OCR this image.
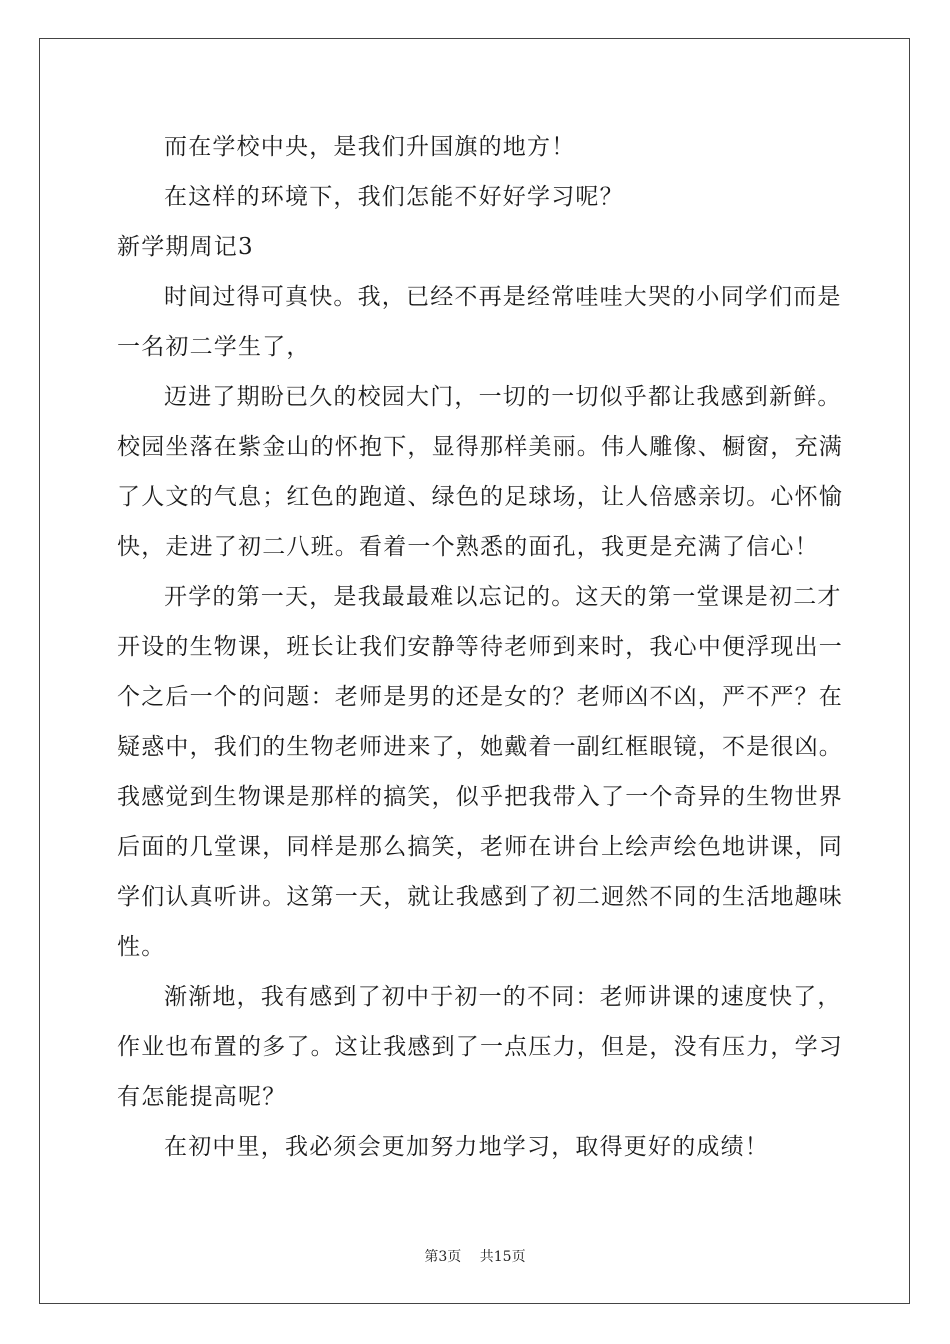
而在学校中央，是我们升国旗的地方！
在这样的环境下，我们怎能不好好学习呢？
新学期周记3
时间过得可真快。我，已经不再是经常哇哇大哭的小同学们而是
一名初二学生了，
迈进了期盼已久的校园大门，一切的一切似乎都让我感到新鲜。
校园坐落在紫金山的怀抱下，显得那样美丽。伟人雕像、橱窗，充满
了人文的气息；红色的跑道、绿色的足球场，让人倍感亲切。心怀愉
快，走进了初二八班。看着一个熟悉的面孔，我更是充满了信心！
开学的第一天，是我最最难以忘记的。这天的第一堂课是初二才
开设的生物课，班长让我们安静等待老师到来时，我心中便浮现出一
个之后一个的问题：老师是男的还是女的？老师凶不凶，严不严？在
疑惑中，我们的生物老师进来了，她戴着一副红框眼镜，不是很凶。
我感觉到生物课是那样的搞笑，似乎把我带入了一个奇异的生物世界
后面的几堂课，同样是那么搞笑，老师在讲台上绘声绘色地讲课，同
学们认真听讲。这第一天，就让我感到了初二迥然不同的生活地趣味
性。
渐渐地，我有感到了初中于初一的不同：老师讲课的速度快了，
作业也布置的多了。这让我感到了一点压力，但是，没有压力，学习
有怎能提高呢？
在初中里，我必须会更加努力地学习，取得更好的成绩！
第3页 共15页
